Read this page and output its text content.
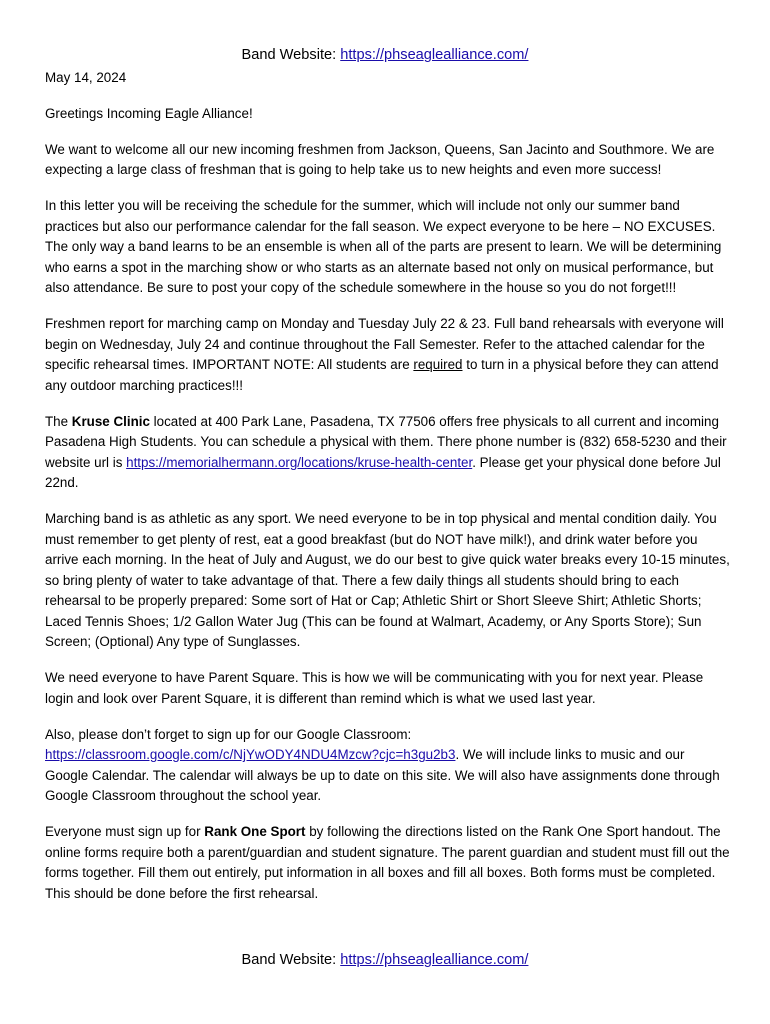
Band Website: https://phseaglealliance.com/

May 14, 2024

Greetings Incoming Eagle Alliance!

We want to welcome all our new incoming freshmen from Jackson, Queens, San Jacinto and Southmore. We are expecting a large class of freshman that is going to help take us to new heights and even more success!

In this letter you will be receiving the schedule for the summer, which will include not only our summer band practices but also our performance calendar for the fall season. We expect everyone to be here – NO EXCUSES. The only way a band learns to be an ensemble is when all of the parts are present to learn. We will be determining who earns a spot in the marching show or who starts as an alternate based not only on musical performance, but also attendance. Be sure to post your copy of the schedule somewhere in the house so you do not forget!!!

Freshmen report for marching camp on Monday and Tuesday July 22 & 23. Full band rehearsals with everyone will begin on Wednesday, July 24 and continue throughout the Fall Semester. Refer to the attached calendar for the specific rehearsal times. IMPORTANT NOTE: All students are required to turn in a physical before they can attend any outdoor marching practices!!!

The Kruse Clinic located at 400 Park Lane, Pasadena, TX 77506 offers free physicals to all current and incoming Pasadena High Students. You can schedule a physical with them. There phone number is (832) 658-5230 and their website url is https://memorialhermann.org/locations/kruse-health-center. Please get your physical done before Jul 22nd.

Marching band is as athletic as any sport. We need everyone to be in top physical and mental condition daily. You must remember to get plenty of rest, eat a good breakfast (but do NOT have milk!), and drink water before you arrive each morning. In the heat of July and August, we do our best to give quick water breaks every 10-15 minutes, so bring plenty of water to take advantage of that. There a few daily things all students should bring to each rehearsal to be properly prepared: Some sort of Hat or Cap; Athletic Shirt or Short Sleeve Shirt; Athletic Shorts; Laced Tennis Shoes; 1/2 Gallon Water Jug (This can be found at Walmart, Academy, or Any Sports Store); Sun Screen; (Optional) Any type of Sunglasses.

We need everyone to have Parent Square. This is how we will be communicating with you for next year. Please login and look over Parent Square, it is different than remind which is what we used last year.

Also, please don’t forget to sign up for our Google Classroom: https://classroom.google.com/c/NjYwODY4NDU4Mzcw?cjc=h3gu2b3. We will include links to music and our Google Calendar. The calendar will always be up to date on this site. We will also have assignments done through Google Classroom throughout the school year.

Everyone must sign up for Rank One Sport by following the directions listed on the Rank One Sport handout. The online forms require both a parent/guardian and student signature. The parent guardian and student must fill out the forms together. Fill them out entirely, put information in all boxes and fill all boxes. Both forms must be completed. This should be done before the first rehearsal.

Band Website: https://phseaglealliance.com/
